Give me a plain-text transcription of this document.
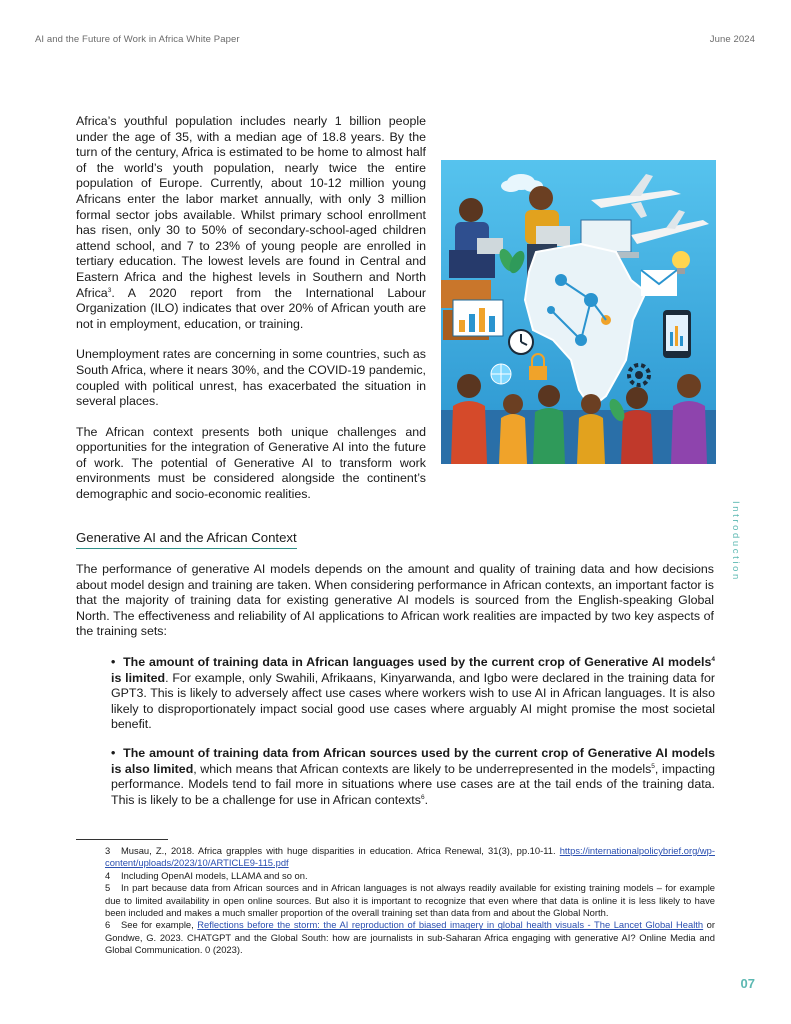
AI and the Future of Work in Africa White Paper	June 2024

Africa’s youthful population includes nearly 1 billion people under the age of 35, with a median age of 18.8 years. By the turn of the century, Africa is estimated to be home to almost half of the world’s youth population, nearly twice the entire population of Europe. Currently, about 10-12 million young Africans enter the labor market annually, with only 3 million formal sector jobs available. Whilst primary school enrollment has risen, only 30 to 50% of secondary-school-aged children attend school, and 7 to 23% of young people are enrolled in tertiary education. The lowest levels are found in Central and Eastern Africa and the highest levels in Southern and North Africa$^3$. A 2020 report from the International Labour Organization (ILO) indicates that over 20% of African youth are not in employment, education, or training.

Unemployment rates are concerning in some countries, such as South Africa, where it nears 30%, and the COVID-19 pandemic, coupled with political unrest, has exacerbated the situation in several places.

The African context presents both unique challenges and opportunities for the integration of Generative AI into the future of work. The potential of Generative AI to transform work environments must be considered alongside the continent’s demographic and socio-economic realities.

Introduction
Generative AI and the African Context

The performance of generative AI models depends on the amount and quality of training data and how decisions about model design and training are taken. When considering performance in African contexts, an important factor is that the majority of training data for existing generative AI models is sourced from the English-speaking Global North. The effectiveness and reliability of AI applications to African work realities are impacted by two key aspects of the training sets:

•  The amount of training data in African languages used by the current crop of Generative AI models$^4$ is limited. For example, only Swahili, Afrikaans, Kinyarwanda, and Igbo were declared in the training data for GPT3. This is likely to adversely affect use cases where workers wish to use AI in African languages. It is also likely to disproportionately impact social good use cases where arguably AI might promise the most societal benefit.

•  The amount of training data from African sources used by the current crop of Generative AI models is also limited, which means that African contexts are likely to be underrepresented in the models$^5$, impacting performance. Models tend to fail more in situations where use cases are at the tail ends of the training data. This is likely to be a challenge for use in African contexts$^6$.

3 Musau, Z., 2018. Africa grapples with huge disparities in education. Africa Renewal, 31(3), pp.10-11. https://internationalpolicybrief.org/wp-content/uploads/2023/10/ARTICLE9-115.pdf

4 Including OpenAI models, LLAMA and so on.

5 In part because data from African sources and in African languages is not always readily available for existing training models – for example due to limited availability in open online sources. But also it is important to recognize that even where that data is online it is less likely to have been included and makes a much smaller proportion of the overall training set than data from and about the Global North.

6 See for example, Reflections before the storm: the AI reproduction of biased imagery in global health visuals - The Lancet Global Health or Gondwe, G. 2023. CHATGPT and the Global South: how are journalists in sub-Saharan Africa engaging with generative AI? Online Media and Global Communication. 0 (2023).

07
